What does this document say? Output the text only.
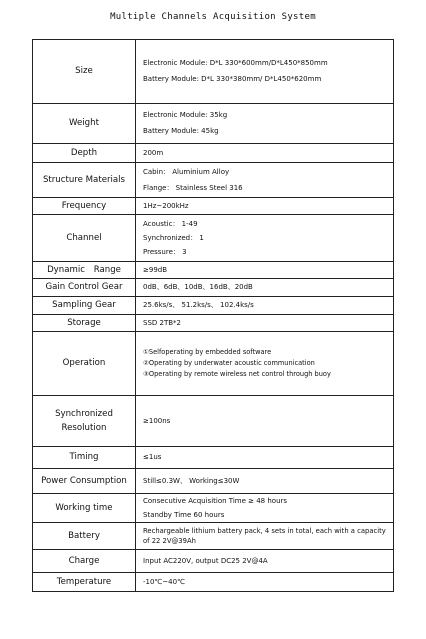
Multiple Channels Acquisition System
Size	Electronic Module: D*L 330*600mm/D*L450*850mm
Battery Module: D*L 330*380mm/ D*L450*620mm

Weight	Electronic Module: 35kg
Battery Module: 45kg

Depth	200m

Structure Materials	Cabin： Aluminium Alloy
Flange： Stainless Steel 316

Frequency	1Hz~200kHz

Channel	Acoustic： 1-49
Synchronized： 1
Pressure： 3

Dynamic Range	≥99dB

Gain Control Gear	0dB、6dB、10dB、16dB、20dB

Sampling Gear	25.6ks/s、 51.2ks/s、 102.4ks/s

Storage	SSD 2TB*2

Operation	①Selfoperating by embedded software
②Operating by underwater acoustic communication
③Operating by remote wireless net control through buoy

Synchronized
Resolution	≥100ns

Timing	≤1us

Power Consumption	Still≤0.3W、 Working≤30W

Working time	Consecutive Acquisition Time ≥ 48 hours
Standby Time 60 hours

Battery	Rechargeable lithium battery pack, 4 sets in total, each with a capacity of 22 2V@39Ah

Charge	Input AC220V, output DC25 2V@4A

Temperature	-10℃~40℃
